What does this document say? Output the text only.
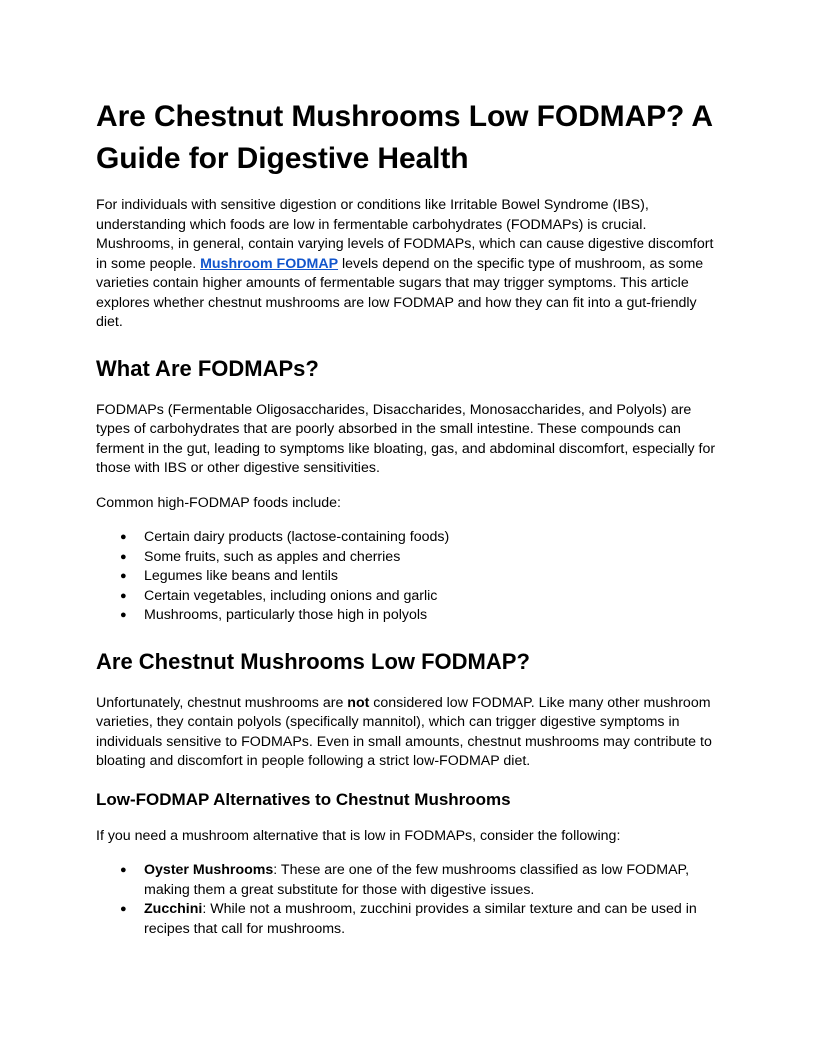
Are Chestnut Mushrooms Low FODMAP? A Guide for Digestive Health

For individuals with sensitive digestion or conditions like Irritable Bowel Syndrome (IBS), understanding which foods are low in fermentable carbohydrates (FODMAPs) is crucial. Mushrooms, in general, contain varying levels of FODMAPs, which can cause digestive discomfort in some people. Mushroom FODMAP levels depend on the specific type of mushroom, as some varieties contain higher amounts of fermentable sugars that may trigger symptoms. This article explores whether chestnut mushrooms are low FODMAP and how they can fit into a gut-friendly diet.

What Are FODMAPs?

FODMAPs (Fermentable Oligosaccharides, Disaccharides, Monosaccharides, and Polyols) are types of carbohydrates that are poorly absorbed in the small intestine. These compounds can ferment in the gut, leading to symptoms like bloating, gas, and abdominal discomfort, especially for those with IBS or other digestive sensitivities.

Common high-FODMAP foods include:

● Certain dairy products (lactose-containing foods)
● Some fruits, such as apples and cherries
● Legumes like beans and lentils
● Certain vegetables, including onions and garlic
● Mushrooms, particularly those high in polyols
Are Chestnut Mushrooms Low FODMAP?

Unfortunately, chestnut mushrooms are not considered low FODMAP. Like many other mushroom varieties, they contain polyols (specifically mannitol), which can trigger digestive symptoms in individuals sensitive to FODMAPs. Even in small amounts, chestnut mushrooms may contribute to bloating and discomfort in people following a strict low-FODMAP diet.

Low-FODMAP Alternatives to Chestnut Mushrooms

If you need a mushroom alternative that is low in FODMAPs, consider the following:

● Oyster Mushrooms: These are one of the few mushrooms classified as low FODMAP, making them a great substitute for those with digestive issues.
● Zucchini: While not a mushroom, zucchini provides a similar texture and can be used in recipes that call for mushrooms.
